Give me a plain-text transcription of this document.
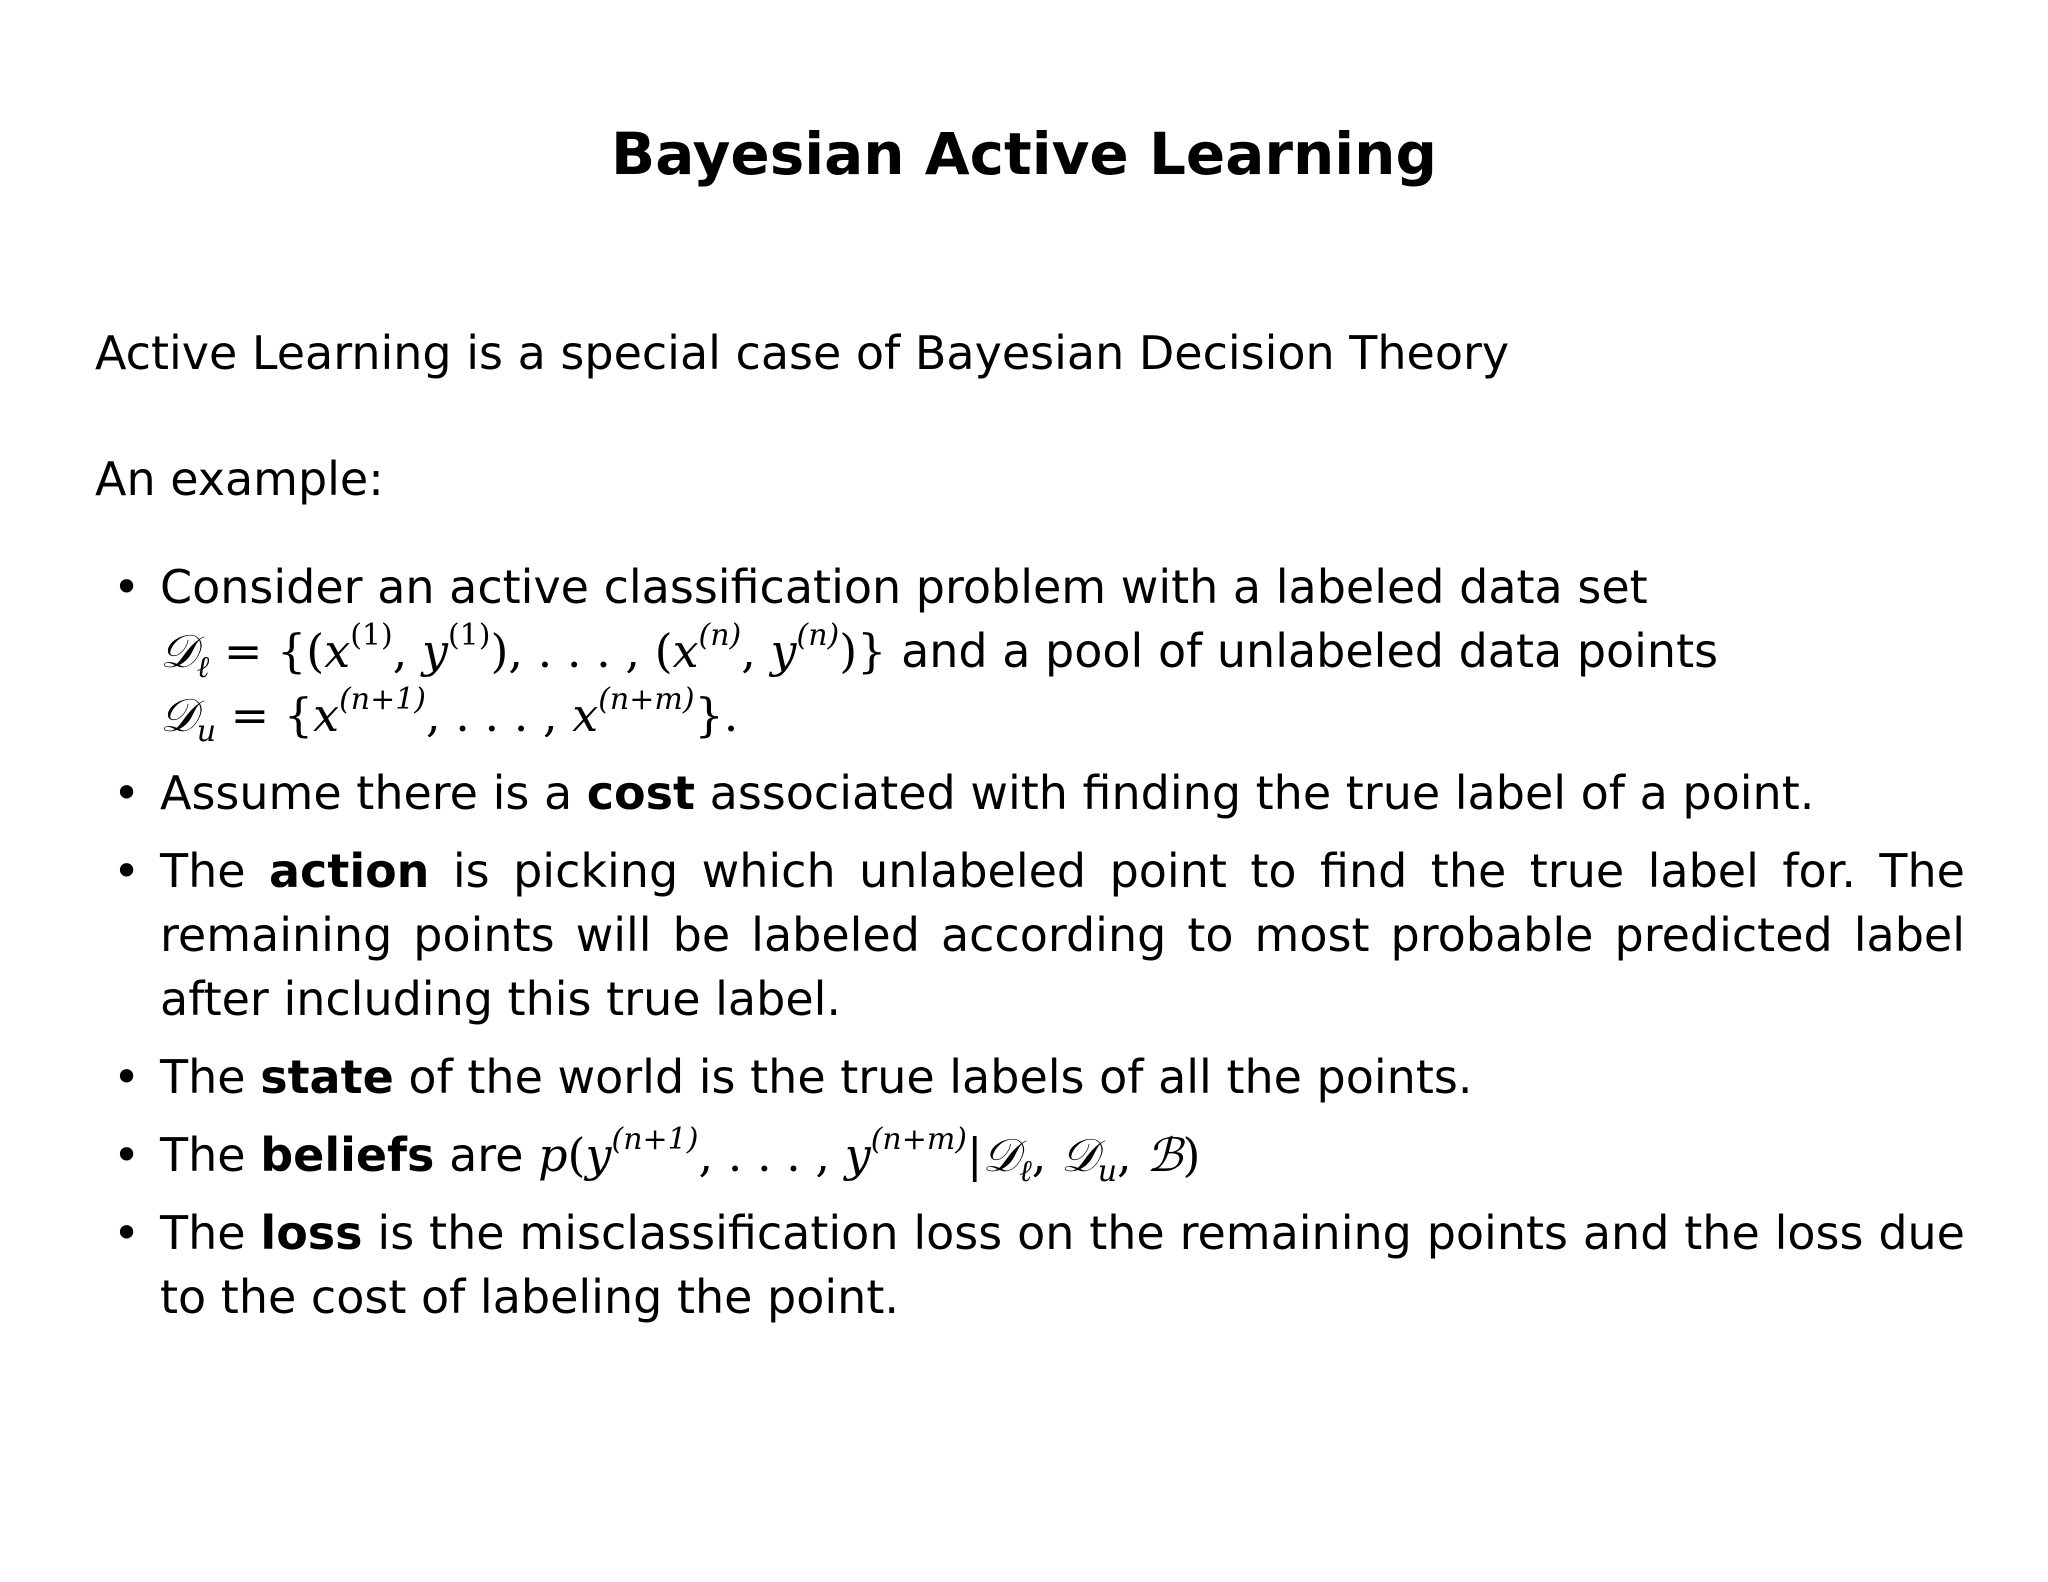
Bayesian Active Learning
Active Learning is a special case of Bayesian Decision Theory
An example:
• Consider an active classification problem with a labeled data set
𝒟$_\ell$ = {($x^{(1)}$, $y^{(1)}$), . . . , ($x^{(n)}$, $y^{(n)}$)} and a pool of unlabeled data points
𝒟$_u$ = {$x^{(n+1)}$, . . . , $x^{(n+m)}$}.
• Assume there is a cost associated with finding the true label of a point.
• The action is picking which unlabeled point to find the true label for. The remaining points will be labeled according to most probable predicted label after including this true label.
• The state of the world is the true labels of all the points.
• The beliefs are $p(y^{(n+1)}$, . . . , $y^{(n+m)}|𝒟_\ell$, 𝒟$_u$, ℬ)
• The loss is the misclassification loss on the remaining points and the loss due to the cost of labeling the point.
